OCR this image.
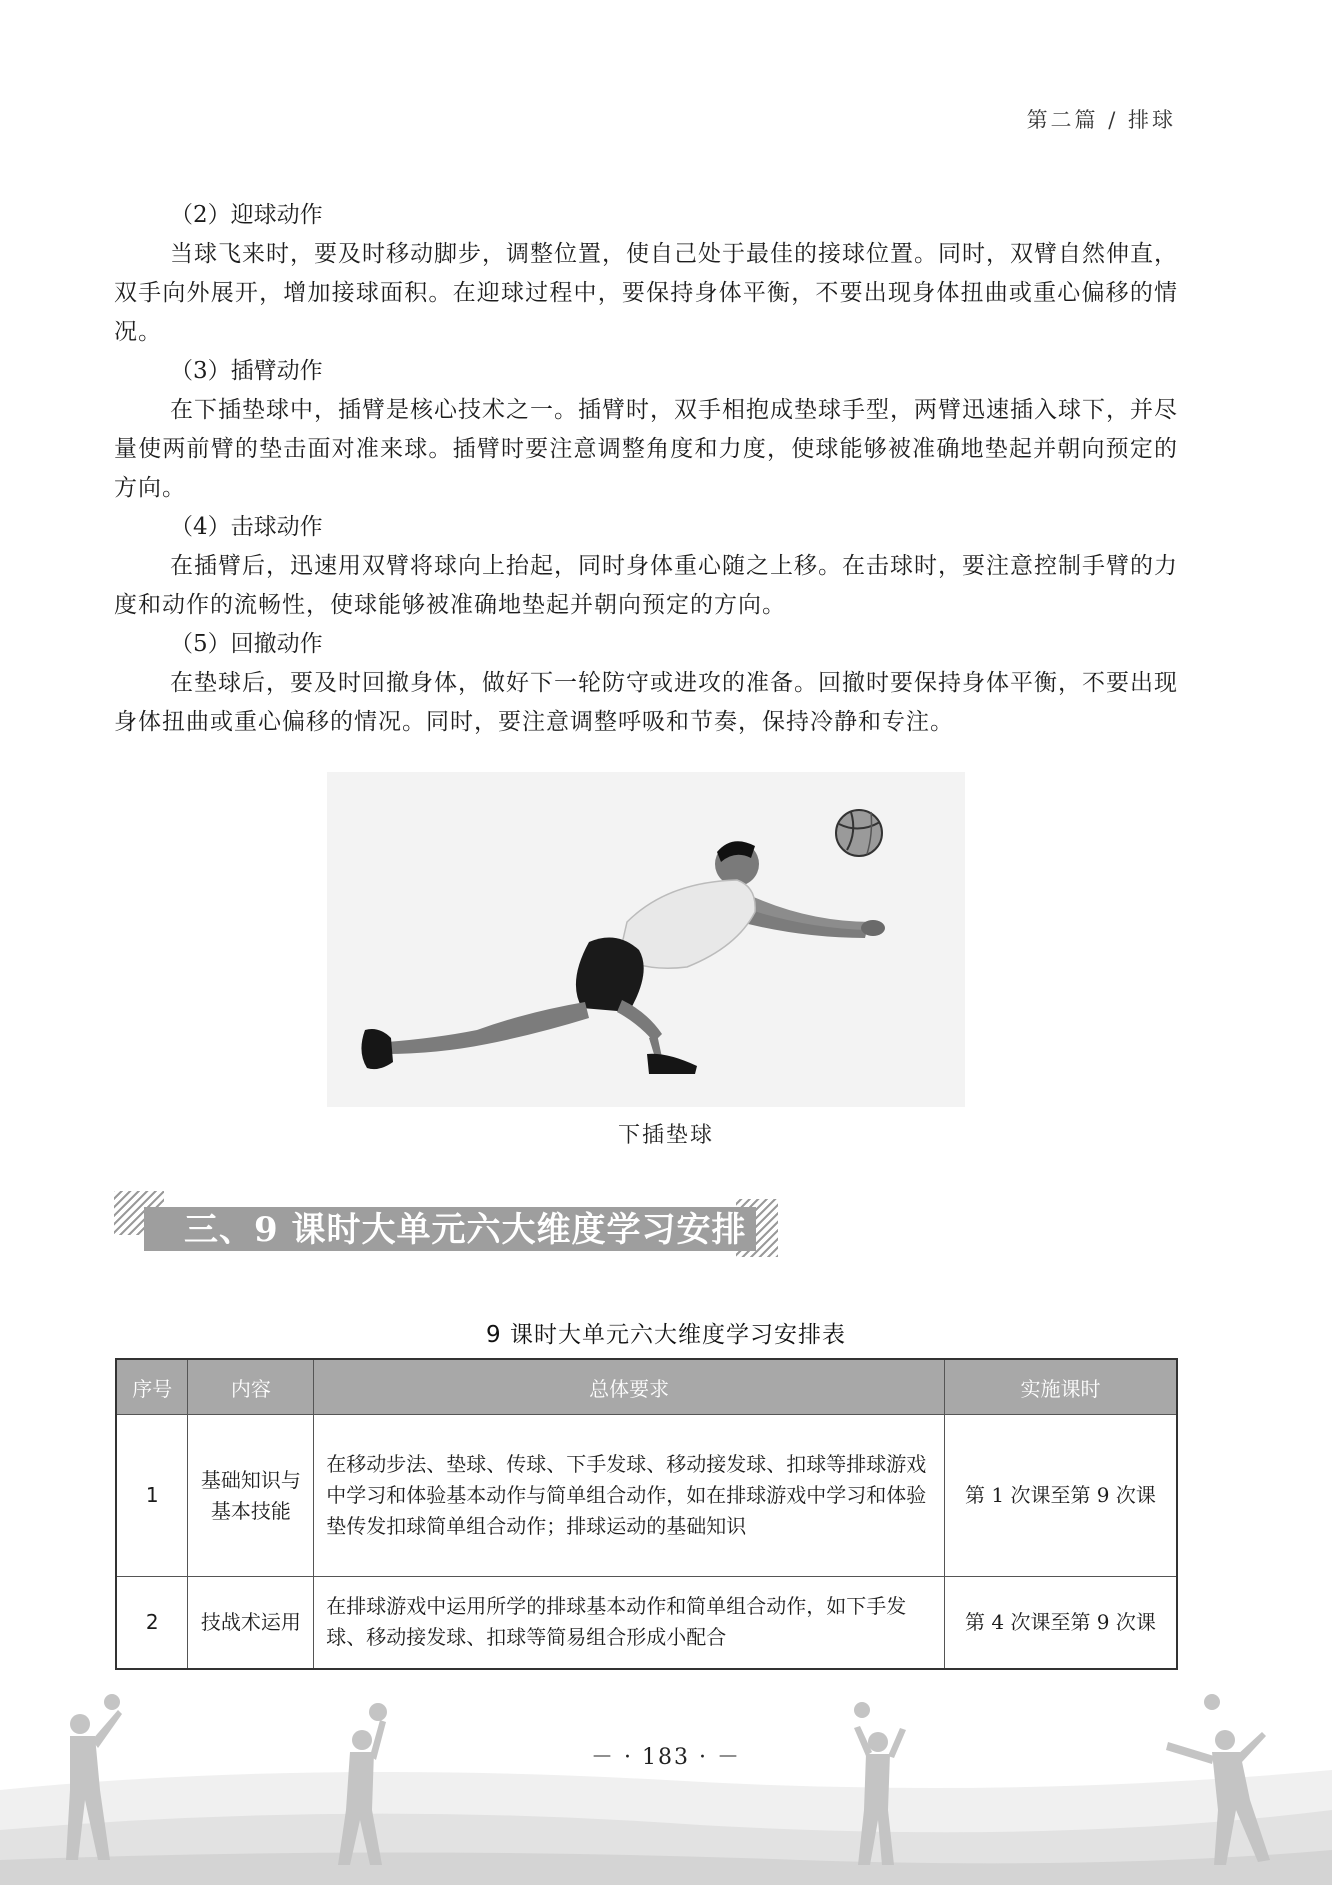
第二篇 / 排球

（2）迎球动作

当球飞来时，要及时移动脚步，调整位置，使自己处于最佳的接球位置。同时，双臂自然伸直，双手向外展开，增加接球面积。在迎球过程中，要保持身体平衡，不要出现身体扭曲或重心偏移的情况。

（3）插臂动作

在下插垫球中，插臂是核心技术之一。插臂时，双手相抱成垫球手型，两臂迅速插入球下，并尽量使两前臂的垫击面对准来球。插臂时要注意调整角度和力度，使球能够被准确地垫起并朝向预定的方向。

（4）击球动作

在插臂后，迅速用双臂将球向上抬起，同时身体重心随之上移。在击球时，要注意控制手臂的力度和动作的流畅性，使球能够被准确地垫起并朝向预定的方向。

（5）回撤动作

在垫球后，要及时回撤身体，做好下一轮防守或进攻的准备。回撤时要保持身体平衡，不要出现身体扭曲或重心偏移的情况。同时，要注意调整呼吸和节奏，保持冷静和专注。

下插垫球
三、9 课时大单元六大维度学习安排
9 课时大单元六大维度学习安排表
序号	内容	总体要求	实施课时
1	基础知识与基本技能	在移动步法、垫球、传球、下手发球、移动接发球、扣球等排球游戏中学习和体验基本动作与简单组合动作，如在排球游戏中学习和体验垫传发扣球简单组合动作；排球运动的基础知识	第 1 次课至第 9 次课
2	技战术运用	在排球游戏中运用所学的排球基本动作和简单组合动作，如下手发球、移动接发球、扣球等简易组合形成小配合	第 4 次课至第 9 次课
－ · 183 · －
